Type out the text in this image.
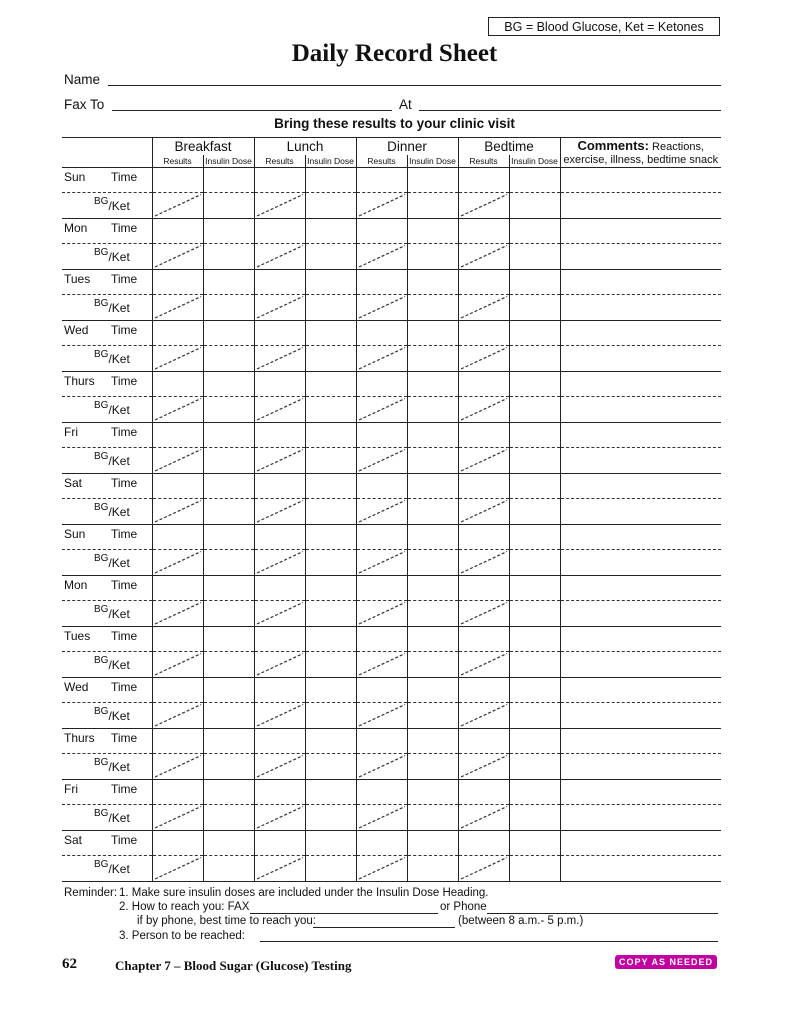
BG = Blood Glucose, Ket = Ketones
Daily Record Sheet
Name
Fax To	At
Bring these results to your clinic visit
	Breakfast		Lunch		Dinner		Bedtime		Comments: Reactions,
exercise, illness, bedtime snack
	Results	Insulin Dose	Results	Insulin Dose	Results	Insulin Dose	Results	Insulin Dose	

Sun Time									

$^{BG}$/Ket

Mon Time									

$^{BG}$/Ket

Tues Time									

$^{BG}$/Ket

Wed Time									

$^{BG}$/Ket

Thurs Time									

$^{BG}$/Ket

Fri Time									

$^{BG}$/Ket

Sat Time									

$^{BG}$/Ket

Sun Time									

$^{BG}$/Ket

Mon Time									

$^{BG}$/Ket

Tues Time									

$^{BG}$/Ket

Wed Time									

$^{BG}$/Ket

Thurs Time									

$^{BG}$/Ket

Fri Time									

$^{BG}$/Ket

Sat Time									

$^{BG}$/Ket

Reminder: 1. Make sure insulin doses are included under the Insulin Dose Heading.
2. How to reach you: FAX	or Phone
if by phone, best time to reach you:	(between 8 a.m.- 5 p.m.)
3. Person to be reached:
62	Chapter 7 – Blood Sugar (Glucose) Testing	COPY AS NEEDED
